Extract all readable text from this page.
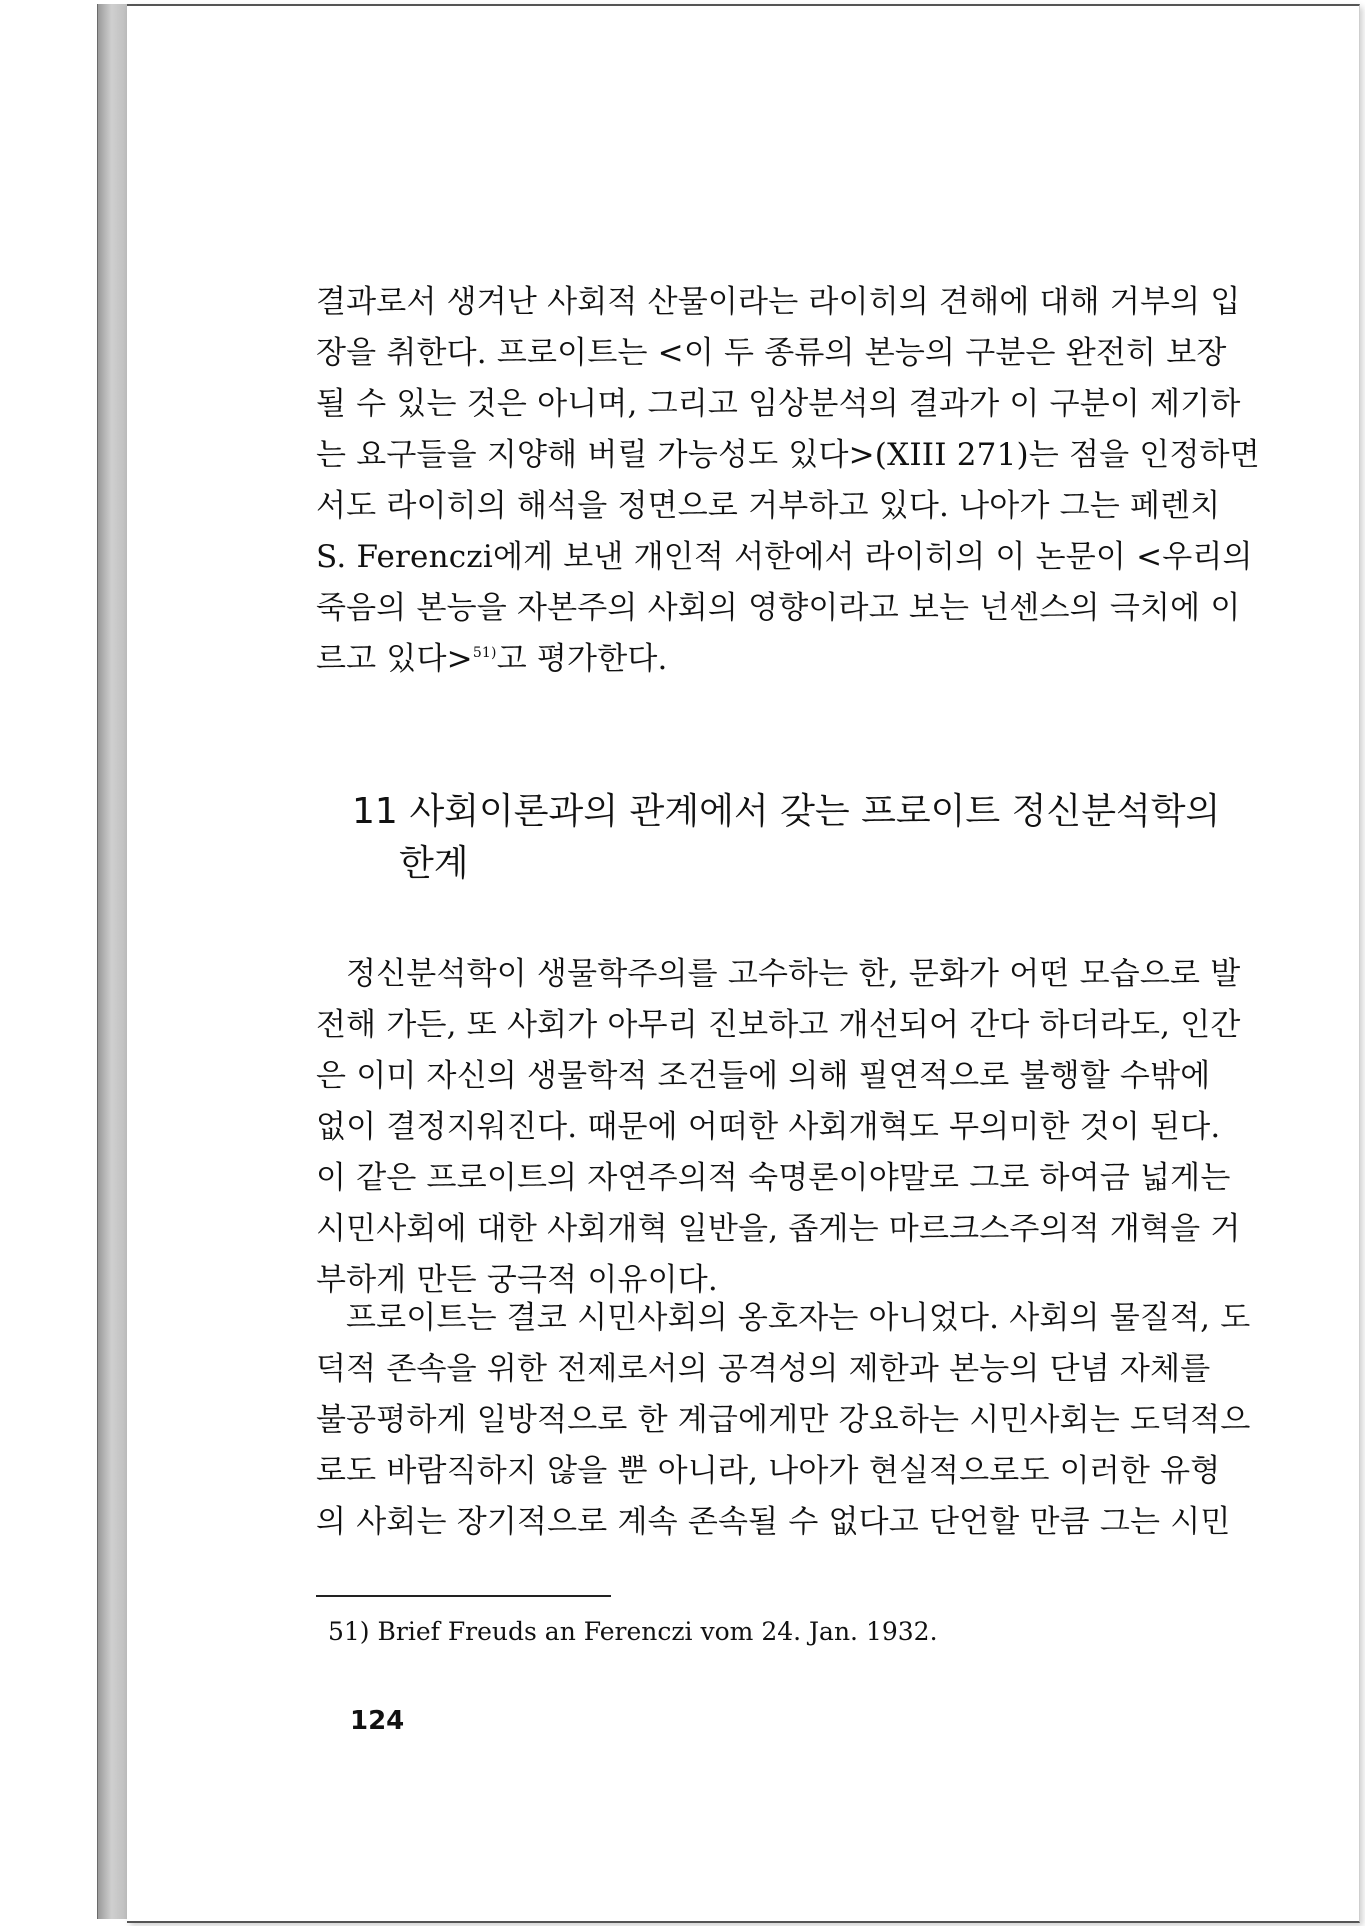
결과로서 생겨난 사회적 산물이라는 라이히의 견해에 대해 거부의 입
장을 취한다. 프로이트는 <이 두 종류의 본능의 구분은 완전히 보장
될 수 있는 것은 아니며, 그리고 임상분석의 결과가 이 구분이 제기하
는 요구들을 지양해 버릴 가능성도 있다>(XIII 271)는 점을 인정하면
서도 라이히의 해석을 정면으로 거부하고 있다. 나아가 그는 페렌치
S. Ferenczi에게 보낸 개인적 서한에서 라이히의 이 논문이 <우리의
죽음의 본능을 자본주의 사회의 영향이라고 보는 넌센스의 극치에 이
르고 있다>$^{51)}$고 평가한다.

11 사회이론과의 관계에서 갖는 프로이트 정신분석학의
한계

정신분석학이 생물학주의를 고수하는 한, 문화가 어떤 모습으로 발
전해 가든, 또 사회가 아무리 진보하고 개선되어 간다 하더라도, 인간
은 이미 자신의 생물학적 조건들에 의해 필연적으로 불행할 수밖에
없이 결정지워진다. 때문에 어떠한 사회개혁도 무의미한 것이 된다.
이 같은 프로이트의 자연주의적 숙명론이야말로 그로 하여금 넓게는
시민사회에 대한 사회개혁 일반을, 좁게는 마르크스주의적 개혁을 거
부하게 만든 궁극적 이유이다.

프로이트는 결코 시민사회의 옹호자는 아니었다. 사회의 물질적, 도
덕적 존속을 위한 전제로서의 공격성의 제한과 본능의 단념 자체를
불공평하게 일방적으로 한 계급에게만 강요하는 시민사회는 도덕적으
로도 바람직하지 않을 뿐 아니라, 나아가 현실적으로도 이러한 유형
의 사회는 장기적으로 계속 존속될 수 없다고 단언할 만큼 그는 시민

51) Brief Freuds an Ferenczi vom 24. Jan. 1932.

124
